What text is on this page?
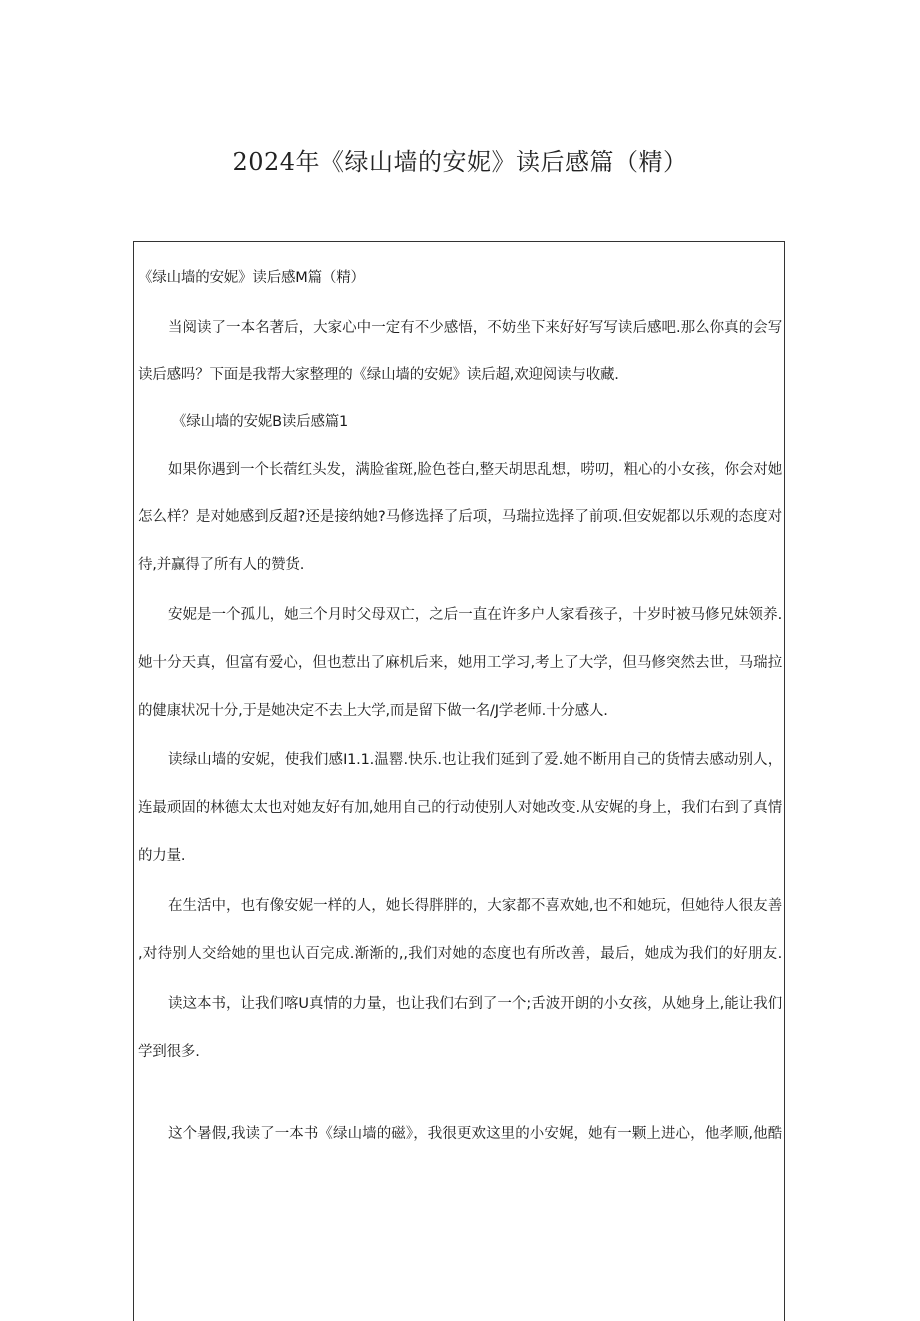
2024年《绿山墙的安妮》读后感篇（精）
《绿山墙的安妮》读后感M篇（精）
当阅读了一本名著后，大家心中一定有不少感悟，不妨坐下来好好写写读后感吧.那么你真的会写
读后感吗？下面是我帮大家整理的《绿山墙的安妮》读后超,欢迎阅读与收藏.
《绿山墙的安妮B读后感篇1
如果你遇到一个长蓿红头发，满脸雀斑,脸色苍白,整天胡思乱想，唠叨，粗心的小女孩，你会对她
怎么样？是对她感到反超?还是接纳她?马修选择了后项，马瑞拉选择了前项.但安妮都以乐观的态度对
待,并赢得了所有人的赞货.
安妮是一个孤儿，她三个月时父母双亡，之后一直在许多户人家看孩子，十岁时被马修兄妹领养.
她十分天真，但富有爱心，但也惹出了麻机后来，她用工学习,考上了大学，但马修突然去世，马瑞拉
的健康状况十分,于是她决定不去上大学,而是留下做一名/J学老师.十分感人.
读绿山墙的安妮，使我们感I1.1.温罂.快乐.也让我们延到了爱.她不断用自己的货情去感动别人，
连最顽固的林德太太也对她友好有加,她用自己的行动使别人对她改变.从安娓的身上，我们右到了真情
的力量.
在生活中，也有像安妮一样的人，她长得胖胖的，大家都不喜欢她,也不和她玩，但她待人很友善
,对待别人交给她的里也认百完成.渐渐的,,我们对她的态度也有所改善，最后，她成为我们的好朋友.
读这本书，让我们喀U真情的力量，也让我们右到了一个;舌波开朗的小女孩，从她身上,能让我们
学到很多.
这个暑假,我读了一本书《绿山墙的磁》，我很更欢这里的小安娓，她有一颗上进心，他孝顺,他酷
